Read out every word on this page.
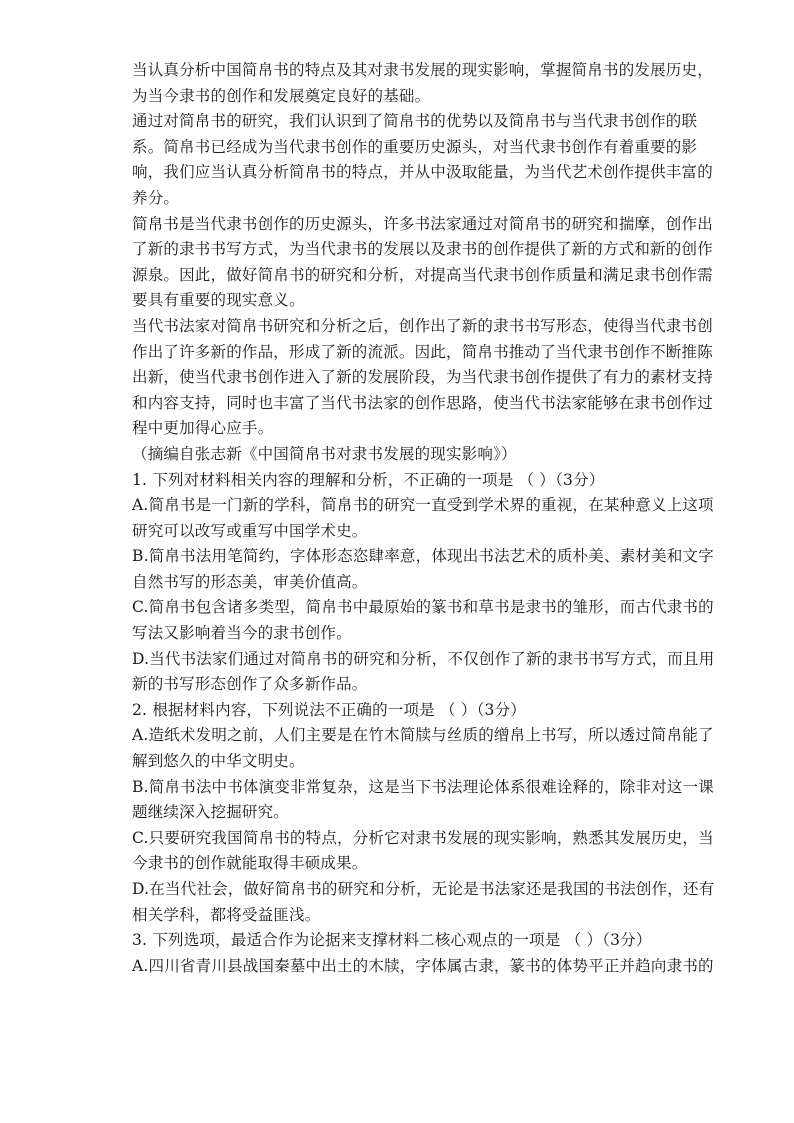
当认真分析中国简帛书的特点及其对隶书发展的现实影响，掌握简帛书的发展历史，
为当今隶书的创作和发展奠定良好的基础。
通过对简帛书的研究，我们认识到了简帛书的优势以及简帛书与当代隶书创作的联
系。简帛书已经成为当代隶书创作的重要历史源头，对当代隶书创作有着重要的影
响，我们应当认真分析简帛书的特点，并从中汲取能量，为当代艺术创作提供丰富的
养分。
简帛书是当代隶书创作的历史源头，许多书法家通过对简帛书的研究和揣摩，创作出
了新的隶书书写方式，为当代隶书的发展以及隶书的创作提供了新的方式和新的创作
源泉。因此，做好简帛书的研究和分析，对提高当代隶书创作质量和满足隶书创作需
要具有重要的现实意义。
当代书法家对简帛书研究和分析之后，创作出了新的隶书书写形态，使得当代隶书创
作出了许多新的作品，形成了新的流派。因此，简帛书推动了当代隶书创作不断推陈
出新，使当代隶书创作进入了新的发展阶段，为当代隶书创作提供了有力的素材支持
和内容支持，同时也丰富了当代书法家的创作思路，使当代书法家能够在隶书创作过
程中更加得心应手。
（摘编自张志新《中国简帛书对隶书发展的现实影响》）
1. 下列对材料相关内容的理解和分析，不正确的一项是 （ ）（3分）
A.简帛书是一门新的学科，简帛书的研究一直受到学术界的重视，在某种意义上这项
研究可以改写或重写中国学术史。
B.简帛书法用笔简约，字体形态恣肆率意，体现出书法艺术的质朴美、素材美和文字
自然书写的形态美，审美价值高。
C.简帛书包含诸多类型，简帛书中最原始的篆书和草书是隶书的雏形，而古代隶书的
写法又影响着当今的隶书创作。
D.当代书法家们通过对简帛书的研究和分析，不仅创作了新的隶书书写方式，而且用
新的书写形态创作了众多新作品。
2. 根据材料内容，下列说法不正确的一项是 （ ）（3分）
A.造纸术发明之前，人们主要是在竹木简牍与丝质的缯帛上书写，所以透过简帛能了
解到悠久的中华文明史。
B.简帛书法中书体演变非常复杂，这是当下书法理论体系很难诠释的，除非对这一课
题继续深入挖掘研究。
C.只要研究我国简帛书的特点，分析它对隶书发展的现实影响，熟悉其发展历史，当
今隶书的创作就能取得丰硕成果。
D.在当代社会，做好简帛书的研究和分析，无论是书法家还是我国的书法创作，还有
相关学科，都将受益匪浅。
3. 下列选项，最适合作为论据来支撑材料二核心观点的一项是 （ ）（3分）
A.四川省青川县战国秦墓中出土的木牍，字体属古隶，篆书的体势平正并趋向隶书的
